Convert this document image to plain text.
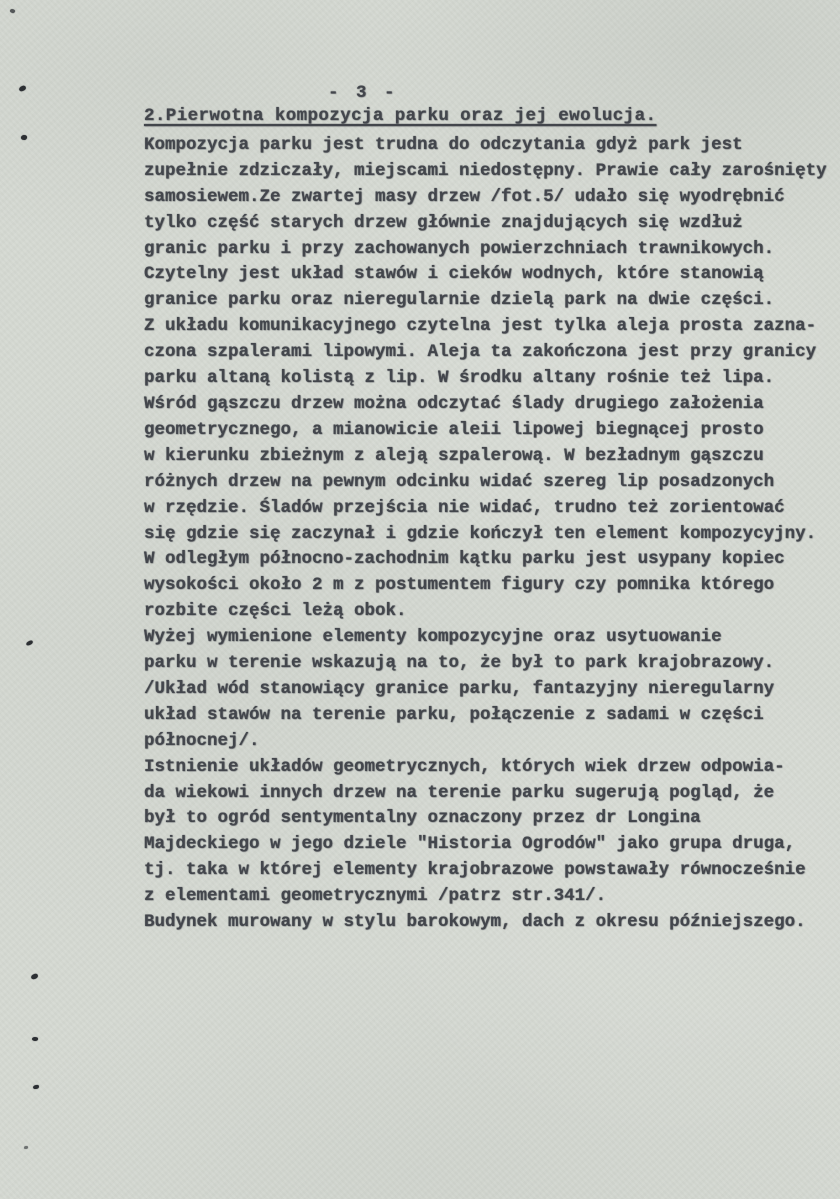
- 3 -
2.Pierwotna kompozycja parku oraz jej ewolucja.
Kompozycja parku jest trudna do odczytania gdyż park jest
zupełnie zdziczały, miejscami niedostępny. Prawie cały zarośnięty
samosiewem.Ze zwartej masy drzew /fot.5/ udało się wyodrębnić
tylko część starych drzew głównie znajdujących się wzdłuż
granic parku i przy zachowanych powierzchniach trawnikowych.
Czytelny jest układ stawów i cieków wodnych, które stanowią
granice parku oraz nieregularnie dzielą park na dwie części.
Z układu komunikacyjnego czytelna jest tylka aleja prosta zazna-
czona szpalerami lipowymi. Aleja ta zakończona jest przy granicy
parku altaną kolistą z lip. W środku altany rośnie też lipa.
Wśród gąszczu drzew można odczytać ślady drugiego założenia
geometrycznego, a mianowicie aleii lipowej biegnącej prosto
w kierunku zbieżnym z aleją szpalerową. W bezładnym gąszczu
różnych drzew na pewnym odcinku widać szereg lip posadzonych
w rzędzie. Śladów przejścia nie widać, trudno też zorientować
się gdzie się zaczynał i gdzie kończył ten element kompozycyjny.
W odległym północno-zachodnim kątku parku jest usypany kopiec
wysokości około 2 m z postumentem figury czy pomnika którego
rozbite części leżą obok.
Wyżej wymienione elementy kompozycyjne oraz usytuowanie
parku w terenie wskazują na to, że był to park krajobrazowy.
/Układ wód stanowiący granice parku, fantazyjny nieregularny
układ stawów na terenie parku, połączenie z sadami w części
północnej/.
Istnienie układów geometrycznych, których wiek drzew odpowia-
da wiekowi innych drzew na terenie parku sugerują pogląd, że
był to ogród sentymentalny oznaczony przez dr Longina
Majdeckiego w jego dziele "Historia Ogrodów" jako grupa druga,
tj. taka w której elementy krajobrazowe powstawały równocześnie
z elementami geometrycznymi /patrz str.341/.
Budynek murowany w stylu barokowym, dach z okresu późniejszego.
